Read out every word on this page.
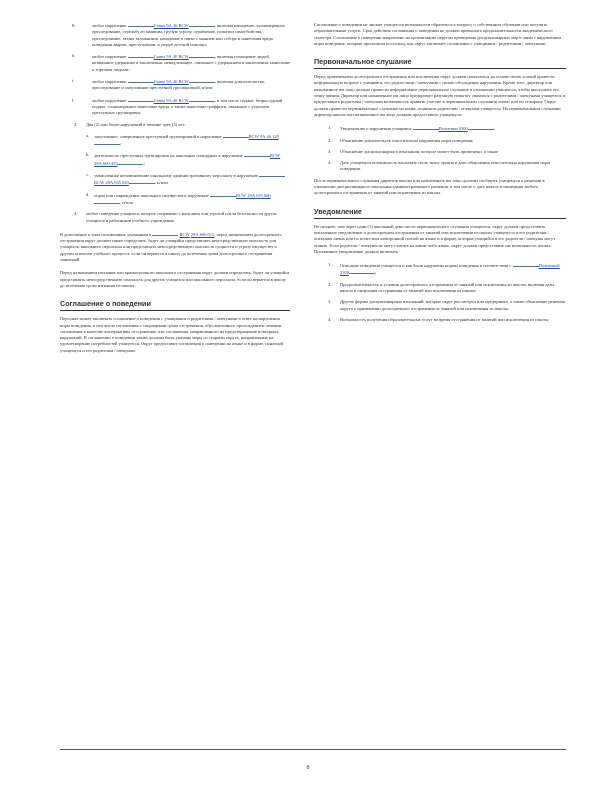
g.	любое нарушение	Главы 9A.36 RCW	, включая нападение, злонамеренное преследование, стрельбу из машины, грубую угрозу, ограбление, попытки самоубийства, преследование, захват заложников, нападение в связи с знанием или соборе и нанесения вреда поведении аварии, преступлении, в ущерб детской помощи;
h.	любое нарушение	Главы 9A.40 RCW	, включая похищение людей, незаконное удержание в заключении, ненадлежащее, связанное с удержанием в заключении, нанесение и торговля людьми;
i.	любое нарушение	Главы 9A.46 RCW	, включая домогательства, преследование и запугивание преступной группировкой, и/или
j.	любое нарушение	Главы 9A.48 RCW	, в том числе поджог, безрассудный поджог, злонамеренное нанесение вреда, а также нанесение граффити, связанное с угрозами преступных группировок.
3. Два (2) или более нарушений в течение трех (3) лет:
a. запугивание, совершенное преступной группировкой в нарушение	RCW 9A.46.120;
b. деятельность преступных группировок на школьных площадках в нарушение	RCW 28A.600.455	;
c. умышленное неповиновение школьному административному персоналу в нарушение RCW 28A.635.020	; и/или
d. порча или повреждение школьного имущества в нарушение	RCW 28A.635.060, и/или
4. любое поведение учащихся, которое сопряжено с насилием или угрозой и/или безопасности других учащихся и работников учебного учреждения.

В дополнение к этим положениям, указанным в	RCW 28A.600.015, перед назначением долгосрочного отстранения округ должен также определить, будет ли учащийся представлять непосредственную опасность для учащихся, школьного персонала или представлять непосредственную опасность сущности и угрозу имуществу и другим аспектам учебного процесса, если он вернется в школу до истечения срока долгосрочного отстранения заявлений.

Перед назначением изгнания или краткосрочного школьного отстранения округ должен определить, будет ли учащийся представлять непосредственную опасность для других учащихся или школьного персонала, если он вернется в школу до истечения срока изгнания из школы.

Соглашение о поведении

Персонал может заключать соглашение о поведении с учащимися и родителями / опекунами в ответ на нарушения норм поведения, в том числе соглашения о сокращении срока отстранения, обусловленного прохождением лечения, соглашения в качестве альтернативы отстранению или соглашения, направленного на предотвращение повторных нарушений. В соглашении о поведении также должны быть указаны меры со стороны округа, направленные на удовлетворение потребностей учащегося. Округ предоставит соглашения о поведении на языке и в форме, понятной учащемуся и его родителям / опекунам.

Соглашение о поведении не лишает учащегося возможности обратиться к вопросу о собственном обучении или получить образовательные услуги. Срок действия соглашения о поведении не должен превышать продолжительности академического семестра. Соглашение о поведении направлено на организацию округом проведения дисциплинарных мер в связи с нарушением норм поведения, которые произошли постольку, как округ заключает соглашение с учащимися / родителями / опекунами.

Первоначальное слушание

Перед применением долгосрочного отстранения или исключения округ должен попытаться на основе своих усилий провести неформальную встречу с учащимся, его родителями / опекунами с целью обсуждения нарушения. Кроме того, директор или назначенное им лицо должно провести неформальное первоначальное слушание в отношении учащегося, чтобы выслушать его точку зрения. Директор или назначенное им лицо предпримут разумную попытку связаться с родителями / опекунами учащегося и предоставить родителям / опекунам возможность принять участие в первоначальном слушании лично или по телефону. Округ должен провести первоначальное слушание на языке, понятном родителям / опекунам учащегося. На первоначальном слушании директор школы или назначенное им лицо должны предоставить учащемуся:

1. Уведомление о нарушении учащимся	Политики 3300	;
2. Объяснение доказательств относительно нарушения норм поведения;
3. Объяснение дисциплинарного взыскания, которое может быть применено; а также
4. Дать учащемуся возможность высказать свою точку зрения и дать объяснения относительно нарушения норм поведения.

После первоначального слушания директор школы или назначенное им лицо должны сообщить учащемуся о решении в отношении дисциплинарного взыскания административного решения, в том числе о дате начала и окончания любого долгосрочного отстранения от занятий или исключения из школы.

Уведомление

Не позднее, чем через один (1) школьный день после первоначального слушания учащегося, округ должен предоставить письменное уведомление о долгосрочном отстранении от занятий или исключении из школы учащемуся и его родителям / опекунам лично или по почте или электронной почтой на языке и в форме, которые учащийся и его родители / опекуны могут понять. Если родители / опекуны не могут читать на каком-либо языке, округ должен предоставить им возможность понять. Письменное уведомление должно включать:

1. Описание поведения учащегося и как были нарушены нормы поведения в соответствии с	Политикой 3300	;
2. Продолжительность и условия долгосрочного отстранения от занятий или исключения из школы, включая даты начала и окончания отстранения от занятий или исключения из школы;
3. Другие формы дисциплинарных взысканий, которые округ рассмотрел или предпринял, а также объяснение решения округа о применении долгосрочного отстранения от занятий или исключения из школы;
4. Возможность получения образовательных услуг во время отстранения от занятий или исключения из школы;
8
